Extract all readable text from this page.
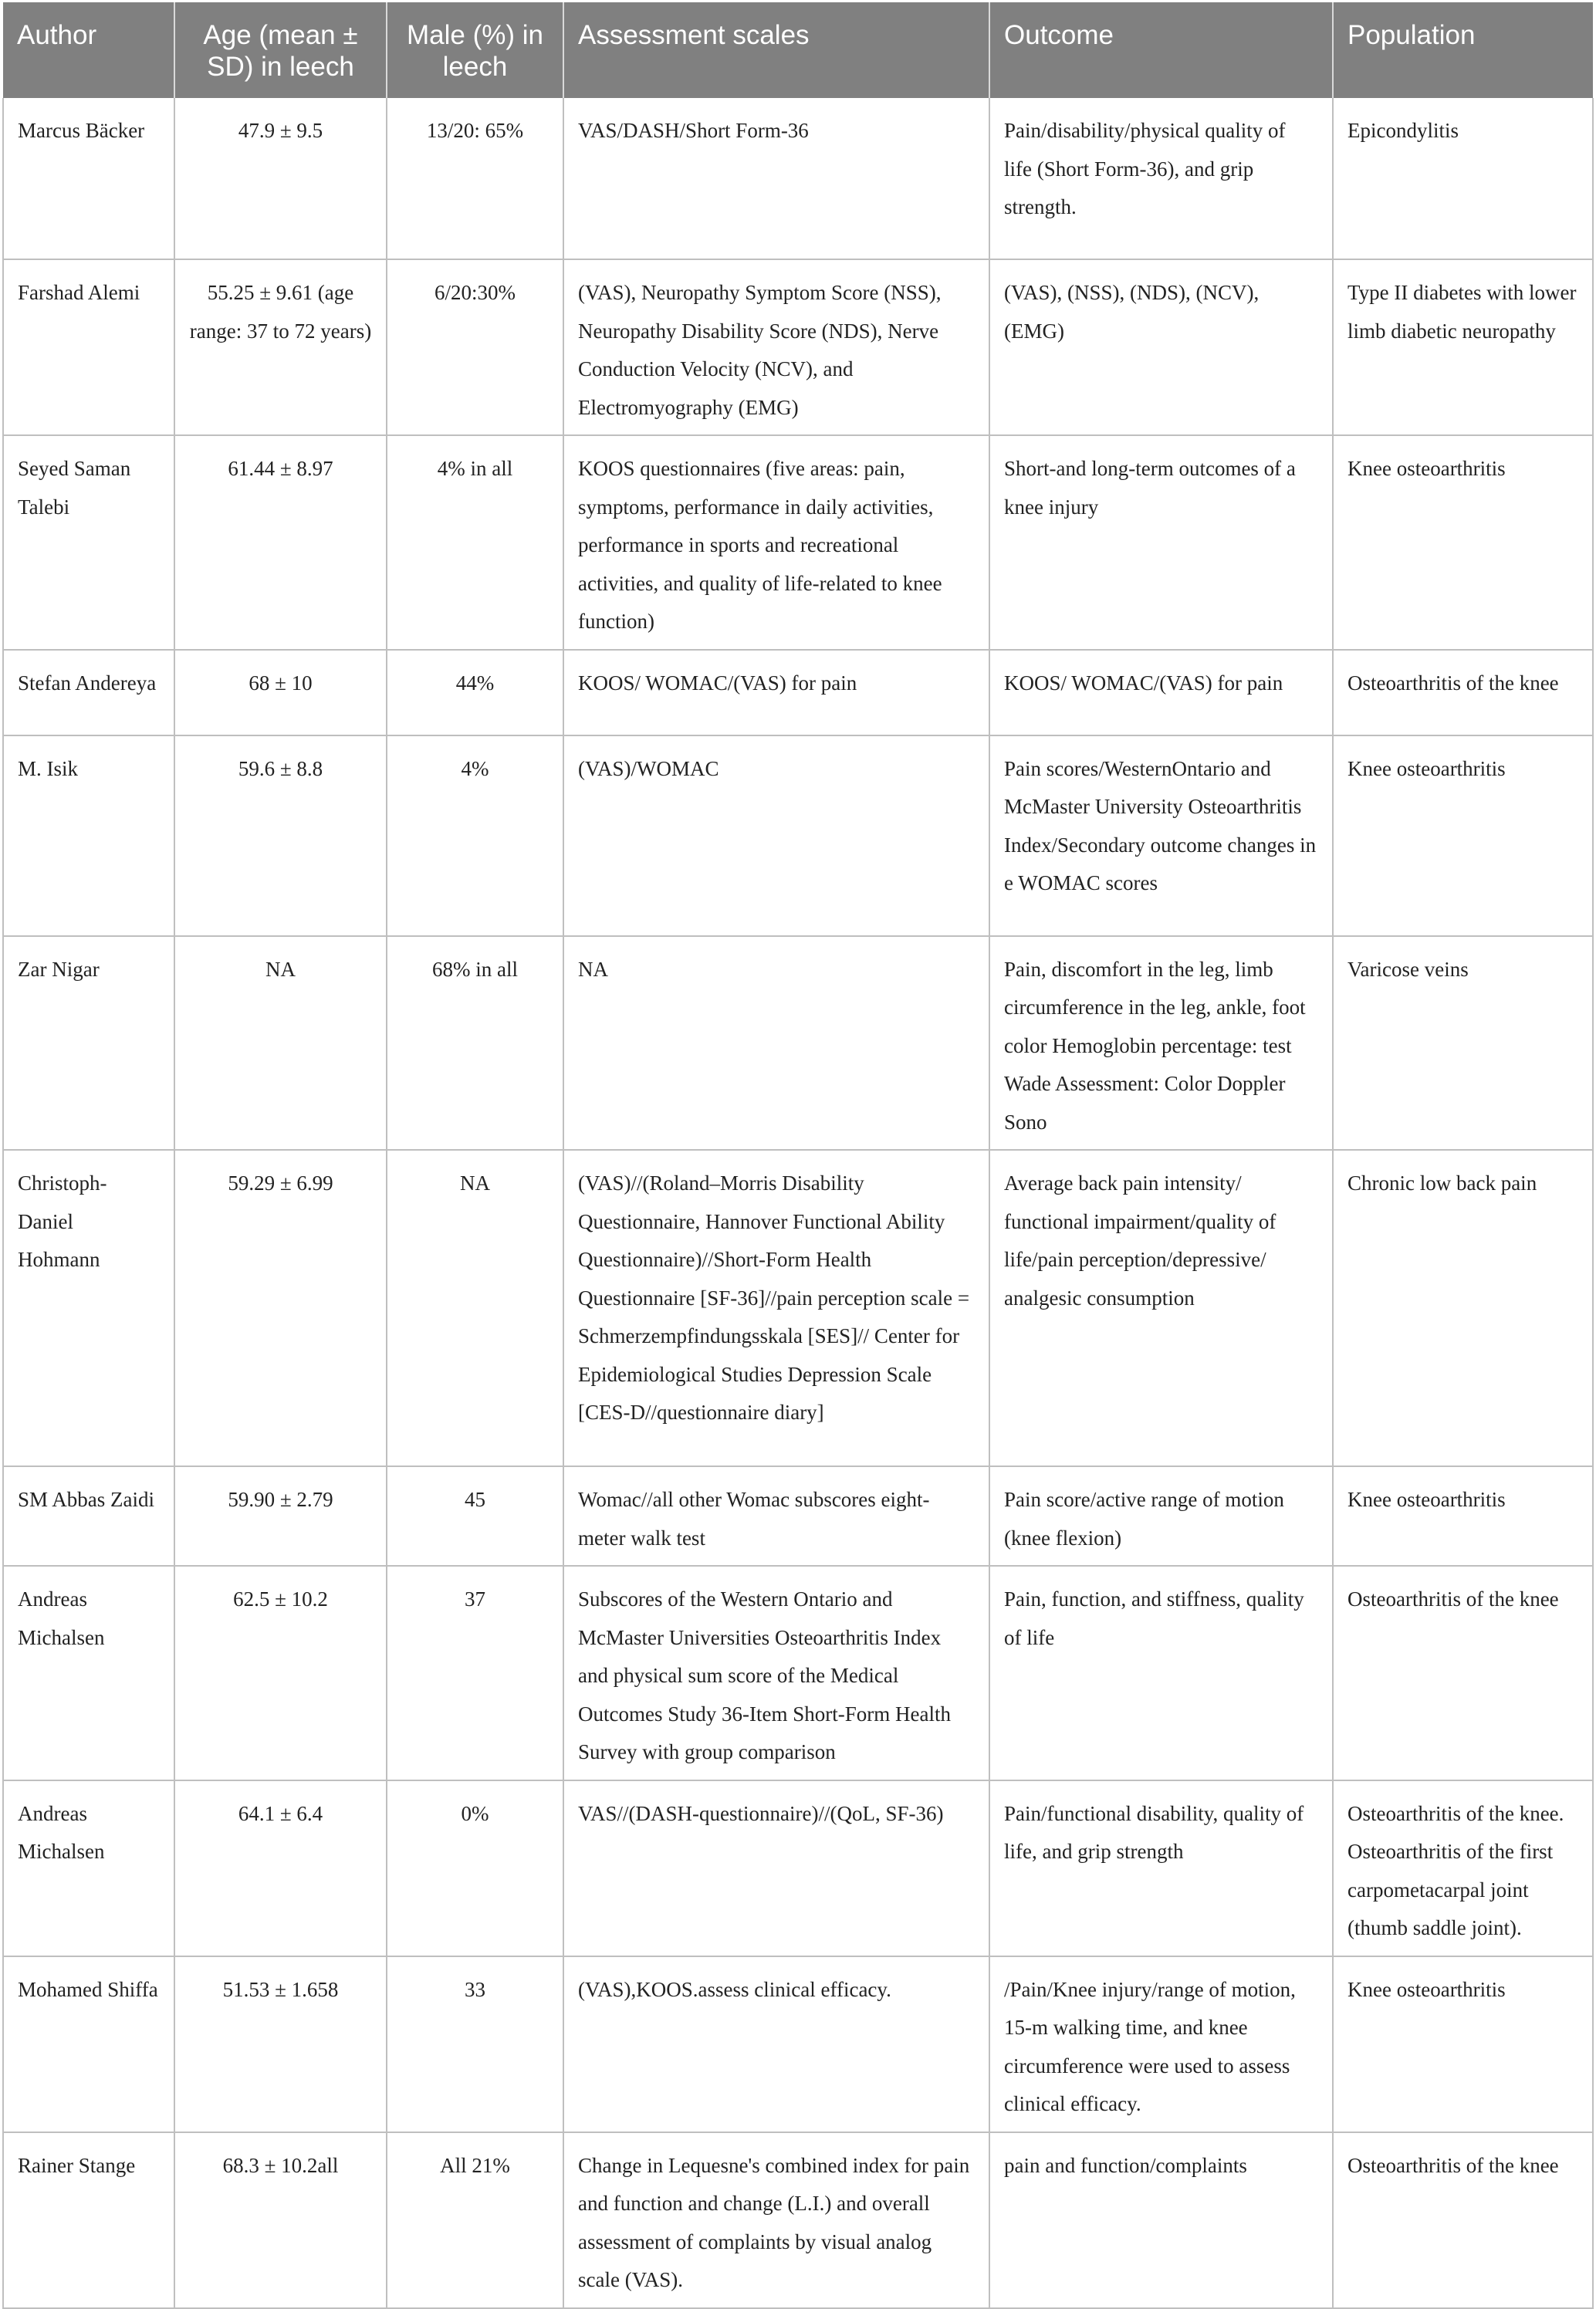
Author	Age (mean ± SD) in leech	Male (%) in leech	Assessment scales	Outcome	Population
Marcus Bäcker	47.9 ± 9.5	13/20: 65%	VAS/DASH/Short Form-36	Pain/disability/physical quality of life (Short Form-36), and grip strength.	Epicondylitis
Farshad Alemi	55.25 ± 9.61 (age range: 37 to 72 years)	6/20:30%	(VAS), Neuropathy Symptom Score (NSS), Neuropathy Disability Score (NDS), Nerve Conduction Velocity (NCV), and Electromyography (EMG)	(VAS), (NSS), (NDS), (NCV), (EMG)	Type II diabetes with lower limb diabetic neuropathy
Seyed Saman Talebi	61.44 ± 8.97	4% in all	KOOS questionnaires (five areas: pain, symptoms, performance in daily activities, performance in sports and recreational activities, and quality of life-related to knee function)	Short-and long-term outcomes of a knee injury	Knee osteoarthritis
Stefan Andereya	68 ± 10	44%	KOOS/ WOMAC/(VAS) for pain	KOOS/ WOMAC/(VAS) for pain	Osteoarthritis of the knee
M. Isik	59.6 ± 8.8	4%	(VAS)/WOMAC	Pain scores/WesternOntario and McMaster University Osteoarthritis Index/Secondary outcome changes in e WOMAC scores	Knee osteoarthritis
Zar Nigar	NA	68% in all	NA	Pain, discomfort in the leg, limb circumference in the leg, ankle, foot color Hemoglobin percentage: test Wade Assessment: Color Doppler Sono	Varicose veins
Christoph-Daniel Hohmann	59.29 ± 6.99	NA	(VAS)//(Roland–Morris Disability Questionnaire, Hannover Functional Ability Questionnaire)//Short-Form Health Questionnaire [SF-36]//pain perception scale = Schmerzempfindungsskala [SES]// Center for Epidemiological Studies Depression Scale [CES-D//questionnaire diary]	Average back pain intensity/ functional impairment/quality of life/pain perception/depressive/ analgesic consumption	Chronic low back pain
SM Abbas Zaidi	59.90 ± 2.79	45	Womac//all other Womac subscores eight-meter walk test	Pain score/active range of motion (knee flexion)	Knee osteoarthritis
Andreas Michalsen	62.5 ± 10.2	37	Subscores of the Western Ontario and McMaster Universities Osteoarthritis Index and physical sum score of the Medical Outcomes Study 36-Item Short-Form Health Survey with group comparison	Pain, function, and stiffness, quality of life	Osteoarthritis of the knee
Andreas Michalsen	64.1 ± 6.4	0%	VAS//(DASH-questionnaire)//(QoL, SF-36)	Pain/functional disability, quality of life, and grip strength	Osteoarthritis of the knee. Osteoarthritis of the first carpometacarpal joint (thumb saddle joint).
Mohamed Shiffa	51.53 ± 1.658	33	(VAS),KOOS.assess clinical efficacy.	/Pain/Knee injury/range of motion, 15-m walking time, and knee circumference were used to assess clinical efficacy.	Knee osteoarthritis
Rainer Stange	68.3 ± 10.2all	All 21%	Change in Lequesne's combined index for pain and function and change (L.I.) and overall assessment of complaints by visual analog scale (VAS).	pain and function/complaints	Osteoarthritis of the knee
